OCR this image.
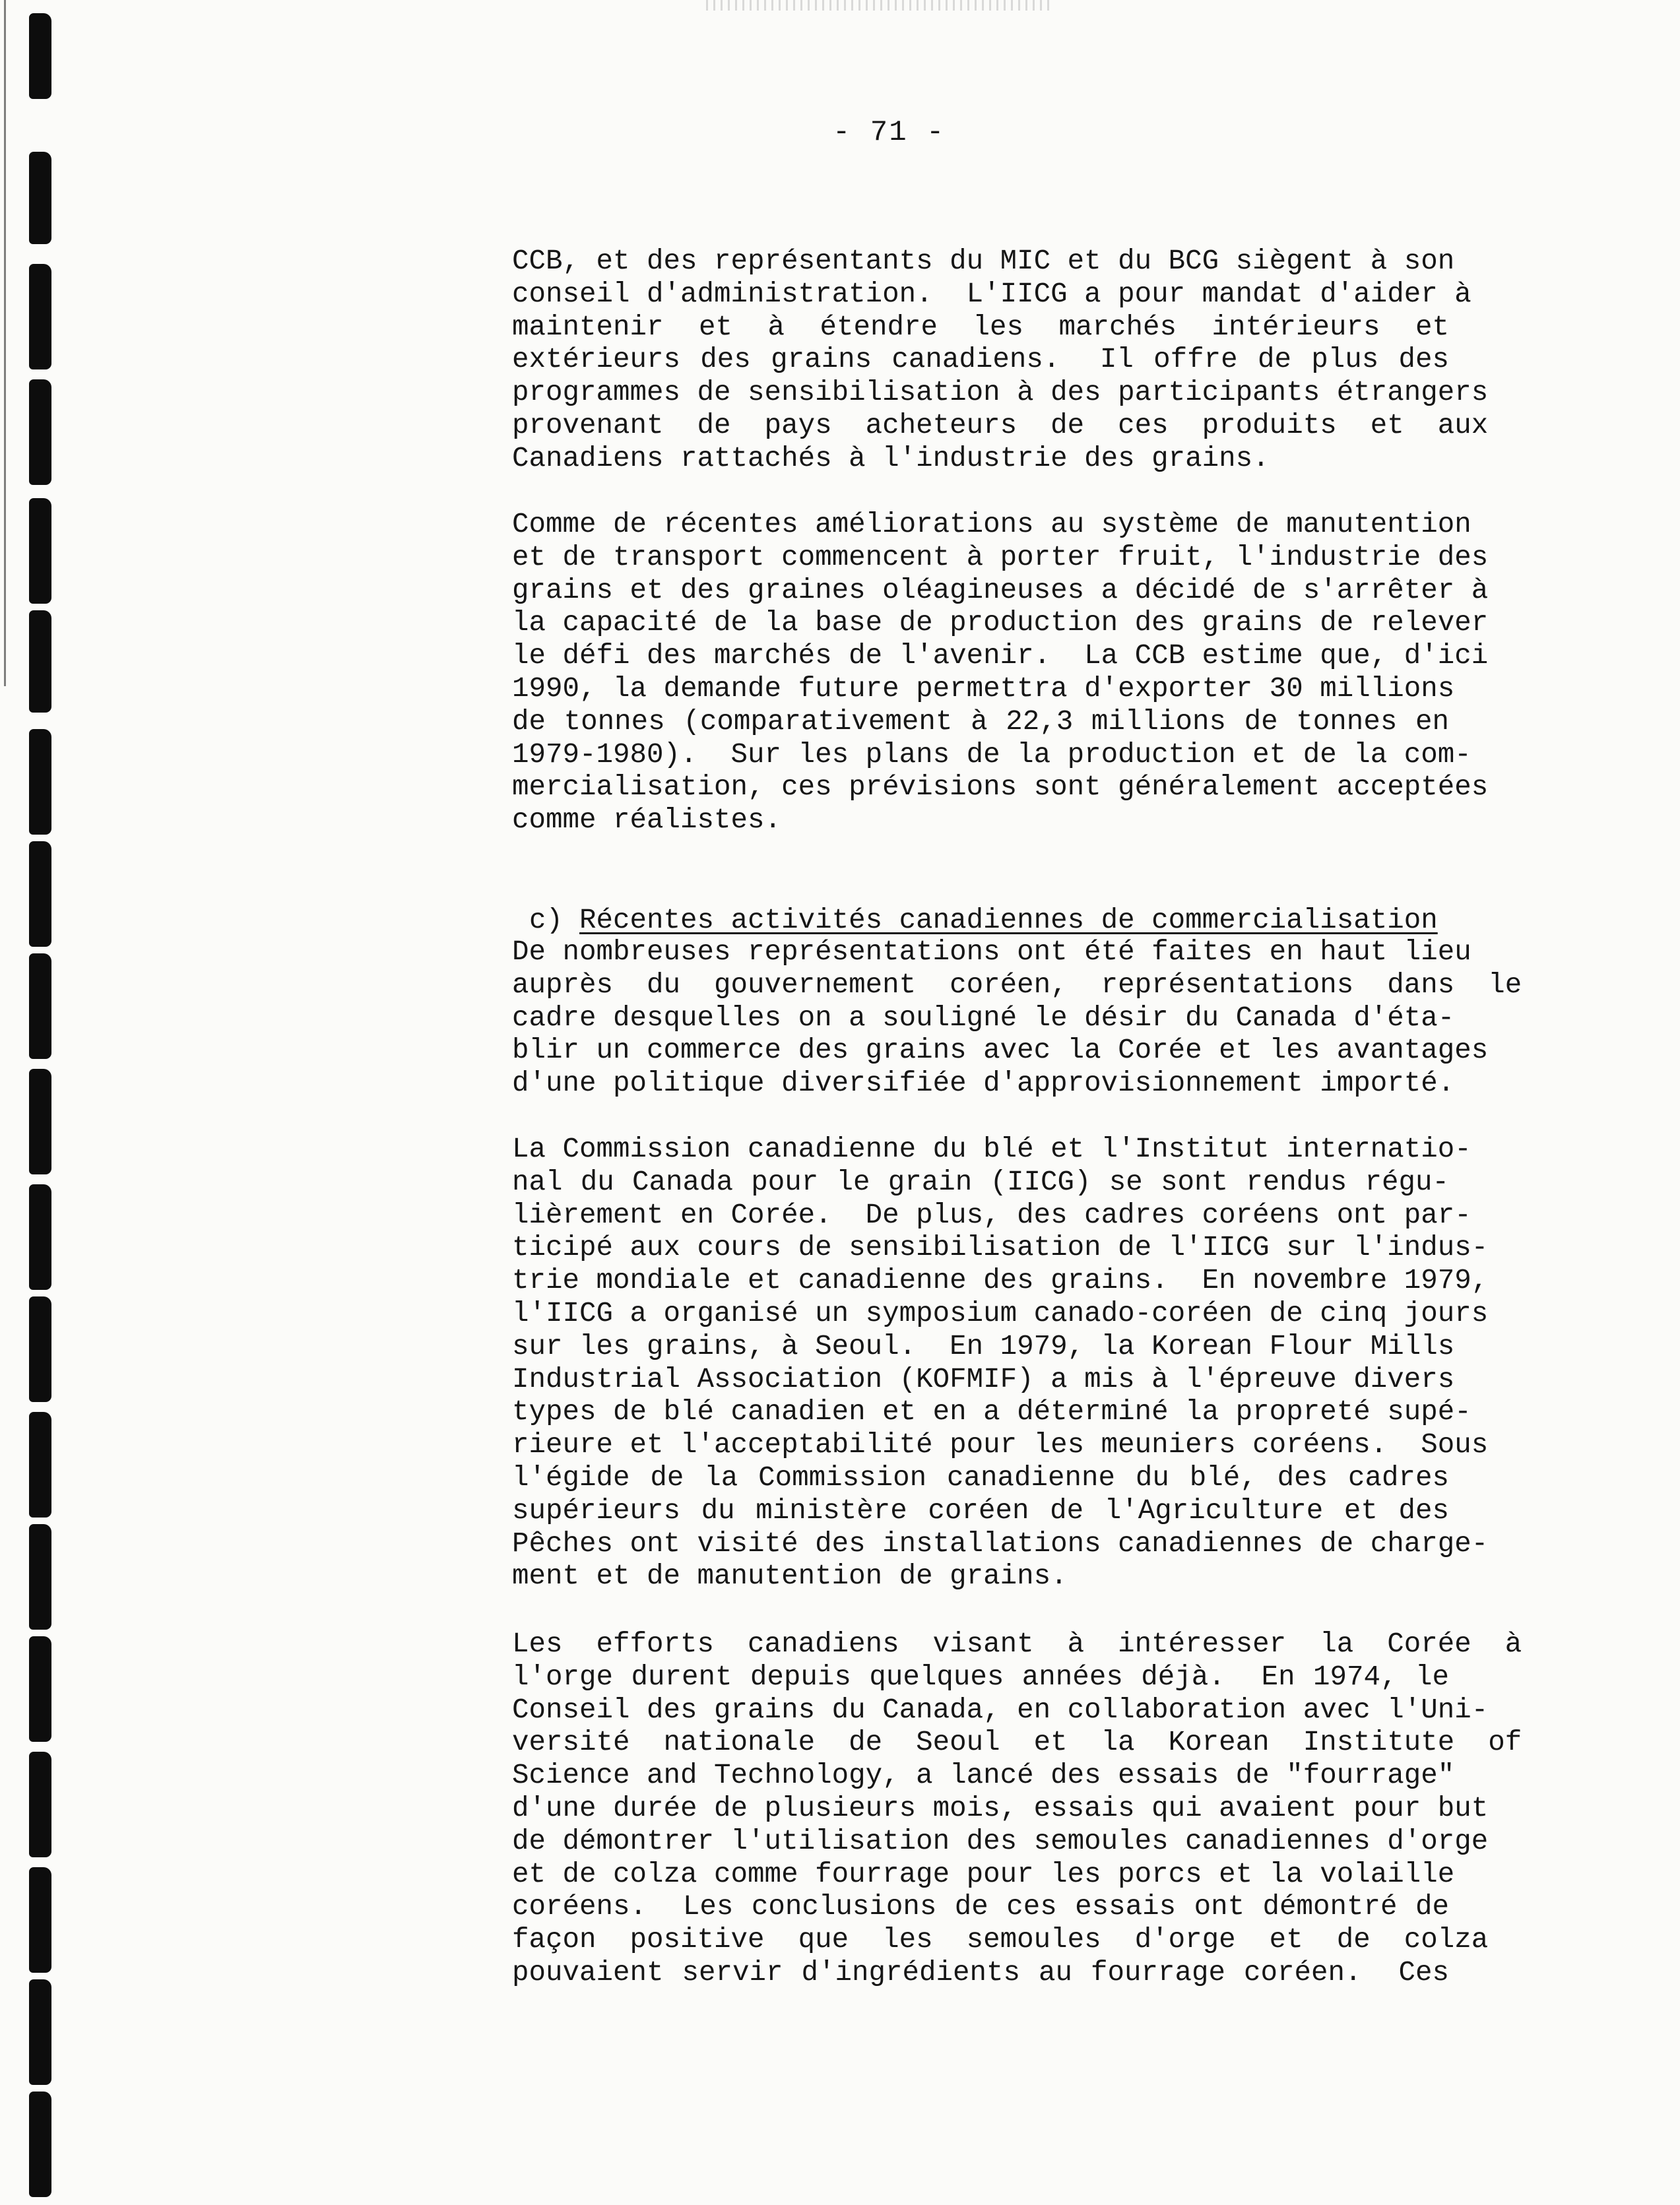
- 71 -
CCB, et des représentants du MIC et du BCG siègent à son
conseil d'administration.  L'IICG a pour mandat d'aider à
maintenir  et  à  étendre  les  marchés  intérieurs  et
extérieurs des grains canadiens.  Il offre de plus des
programmes de sensibilisation à des participants étrangers
provenant  de  pays  acheteurs  de  ces  produits  et  aux
Canadiens rattachés à l'industrie des grains.
Comme de récentes améliorations au système de manutention
et de transport commencent à porter fruit, l'industrie des
grains et des graines oléagineuses a décidé de s'arrêter à
la capacité de la base de production des grains de relever
le défi des marchés de l'avenir.  La CCB estime que, d'ici
1990, la demande future permettra d'exporter 30 millions
de tonnes (comparativement à 22,3 millions de tonnes en
1979-1980).  Sur les plans de la production et de la com-
mercialisation, ces prévisions sont généralement acceptées
comme réalistes.

c) Récentes activités canadiennes de commercialisation

De nombreuses représentations ont été faites en haut lieu
auprès  du  gouvernement  coréen,  représentations  dans  le
cadre desquelles on a souligné le désir du Canada d'éta-
blir un commerce des grains avec la Corée et les avantages
d'une politique diversifiée d'approvisionnement importé.
La Commission canadienne du blé et l'Institut internatio-
nal du Canada pour le grain (IICG) se sont rendus régu-
lièrement en Corée.  De plus, des cadres coréens ont par-
ticipé aux cours de sensibilisation de l'IICG sur l'indus-
trie mondiale et canadienne des grains.  En novembre 1979,
l'IICG a organisé un symposium canado-coréen de cinq jours
sur les grains, à Seoul.  En 1979, la Korean Flour Mills
Industrial Association (KOFMIF) a mis à l'épreuve divers
types de blé canadien et en a déterminé la propreté supé-
rieure et l'acceptabilité pour les meuniers coréens.  Sous
l'égide de la Commission canadienne du blé, des cadres
supérieurs du ministère coréen de l'Agriculture et des
Pêches ont visité des installations canadiennes de charge-
ment et de manutention de grains.
Les  efforts  canadiens  visant  à  intéresser  la  Corée  à
l'orge durent depuis quelques années déjà.  En 1974, le
Conseil des grains du Canada, en collaboration avec l'Uni-
versité  nationale  de  Seoul  et  la  Korean  Institute  of
Science and Technology, a lancé des essais de "fourrage"
d'une durée de plusieurs mois, essais qui avaient pour but
de démontrer l'utilisation des semoules canadiennes d'orge
et de colza comme fourrage pour les porcs et la volaille
coréens.  Les conclusions de ces essais ont démontré de
façon  positive  que  les  semoules  d'orge  et  de  colza
pouvaient servir d'ingrédients au fourrage coréen.  Ces
